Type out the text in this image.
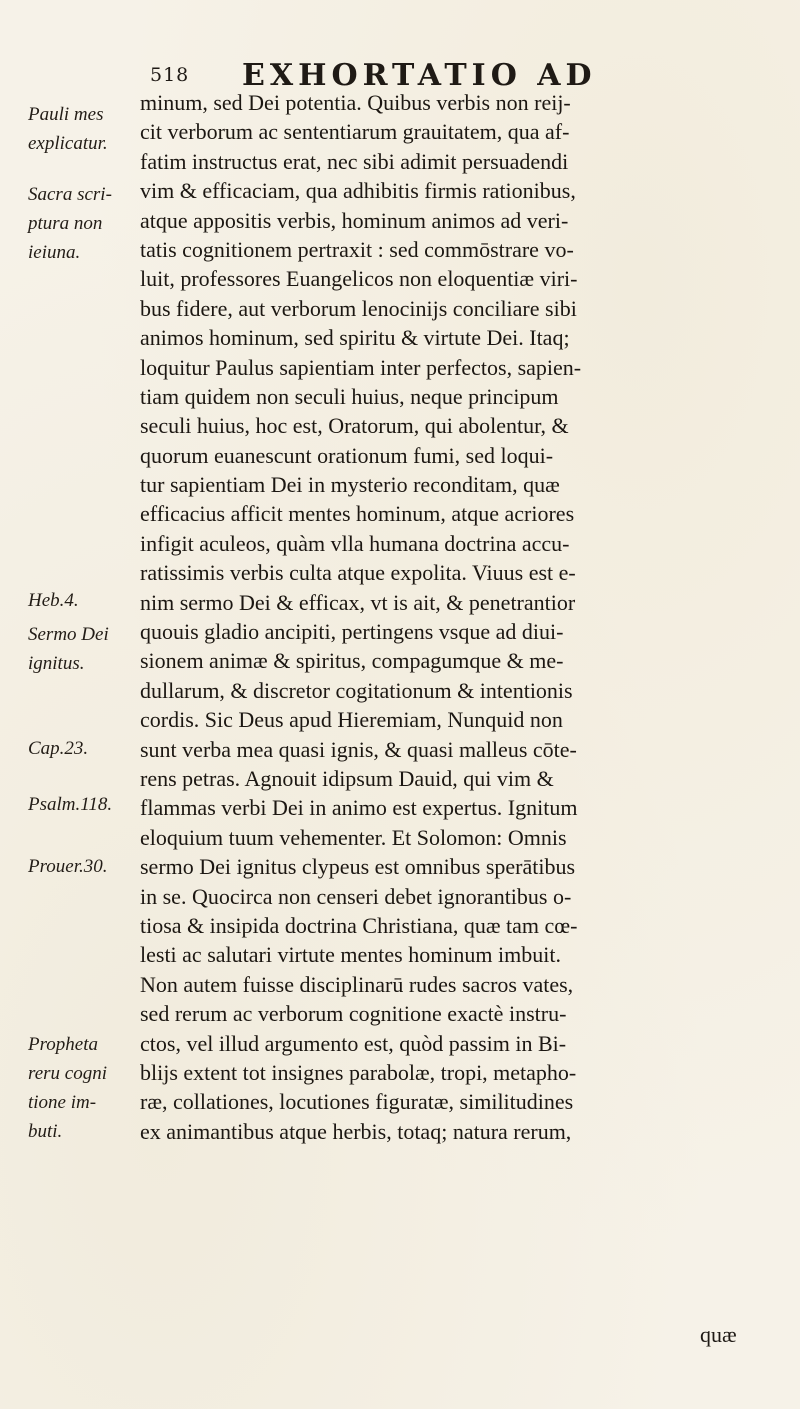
518 EXHORTATIO AD
Pauli mes
explicatur.
Sacra scri-
ptura non
ieiuna.
Heb.4.
Sermo Dei
ignitus.
Cap.23.
Psalm.118.
Prouer.30.
Propheta
reru cogni
tione im-
buti.
minum, sed Dei potentia. Quibus verbis non reij-
cit verborum ac sententiarum grauitatem, qua af-
fatim instructus erat, nec sibi adimit persuadendi
vim & efficaciam, qua adhibitis firmis rationibus,
atque appositis verbis, hominum animos ad veri-
tatis cognitionem pertraxit : sed commōstrare vo-
luit, professores Euangelicos non eloquentiæ viri-
bus fidere, aut verborum lenocinijs conciliare sibi
animos hominum, sed spiritu & virtute Dei. Itaq;
loquitur Paulus sapientiam inter perfectos, sapien-
tiam quidem non seculi huius, neque principum
seculi huius, hoc est, Oratorum, qui abolentur, &
quorum euanescunt orationum fumi, sed loqui-
tur sapientiam Dei in mysterio reconditam, quæ
efficacius afficit mentes hominum, atque acriores
infigit aculeos, quàm vlla humana doctrina accu-
ratissimis verbis culta atque expolita. Viuus est e-
nim sermo Dei & efficax, vt is ait, & penetrantior
quouis gladio ancipiti, pertingens vsque ad diui-
sionem animæ & spiritus, compagumque & me-
dullarum, & discretor cogitationum & intentionis
cordis. Sic Deus apud Hieremiam, Nunquid non
sunt verba mea quasi ignis, & quasi malleus cōte-
rens petras. Agnouit idipsum Dauid, qui vim &
flammas verbi Dei in animo est expertus. Ignitum
eloquium tuum vehementer. Et Solomon: Omnis
sermo Dei ignitus clypeus est omnibus sperātibus
in se. Quocirca non censeri debet ignorantibus o-
tiosa & insipida doctrina Christiana, quæ tam cœ-
lesti ac salutari virtute mentes hominum imbuit.
Non autem fuisse disciplinarū rudes sacros vates,
sed rerum ac verborum cognitione exactè instru-
ctos, vel illud argumento est, quòd passim in Bi-
blijs extent tot insignes parabolæ, tropi, metapho-
ræ, collationes, locutiones figuratæ, similitudines
ex animantibus atque herbis, totaq; natura rerum,
quæ
